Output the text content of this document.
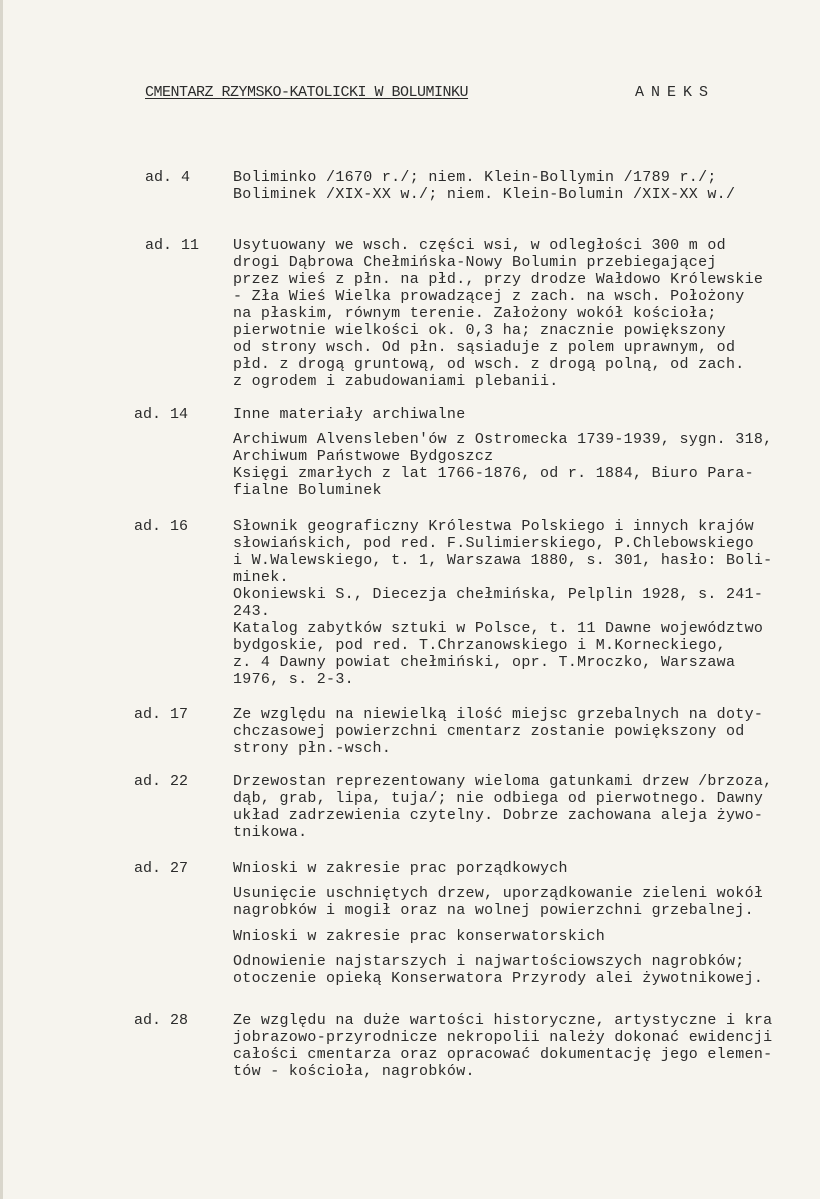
CMENTARZ RZYMSKO-KATOLICKI W BOLUMINKU	ANEKS
ad. 4	Boliminko /1670 r./; niem. Klein-Bollymin /1789 r./;
Boliminek /XIX-XX w./; niem. Klein-Bolumin /XIX-XX w./
ad. 11 Usytuowany we wsch. części wsi, w odległości 300 m od
drogi Dąbrowa Chełmińska-Nowy Bolumin przebiegającej
przez wieś z płn. na płd., przy drodze Wałdowo Królewskie
- Zła Wieś Wielka prowadzącej z zach. na wsch. Położony
na płaskim, równym terenie. Założony wokół kościoła;
pierwotnie wielkości ok. 0,3 ha; znacznie powiększony
od strony wsch. Od płn. sąsiaduje z polem uprawnym, od
płd. z drogą gruntową, od wsch. z drogą polną, od zach.
z ogrodem i zabudowaniami plebanii.
ad. 14	Inne materiały archiwalne
Archiwum Alvensleben'ów z Ostromecka 1739-1939, sygn. 318,
Archiwum Państwowe Bydgoszcz
Księgi zmarłych z lat 1766-1876, od r. 1884, Biuro Para-
fialne Boluminek
ad. 16	Słownik geograficzny Królestwa Polskiego i innych krajów
słowiańskich, pod red. F.Sulimierskiego, P.Chlebowskiego
i W.Walewskiego, t. 1, Warszawa 1880, s. 301, hasło: Boli-
minek.
Okoniewski S., Diecezja chełmińska, Pelplin 1928, s. 241-
243.
Katalog zabytków sztuki w Polsce, t. 11 Dawne województwo
bydgoskie, pod red. T.Chrzanowskiego i M.Korneckiego,
z. 4 Dawny powiat chełmiński, opr. T.Mroczko, Warszawa
1976, s. 2-3.
ad. 17	Ze względu na niewielką ilość miejsc grzebalnych na doty-
chczasowej powierzchni cmentarz zostanie powiększony od
strony płn.-wsch.
ad. 22	Drzewostan reprezentowany wieloma gatunkami drzew /brzoza,
dąb, grab, lipa, tuja/; nie odbiega od pierwotnego. Dawny
układ zadrzewienia czytelny. Dobrze zachowana aleja żywo-
tnikowa.
ad. 27	Wnioski w zakresie prac porządkowych
Usunięcie uschniętych drzew, uporządkowanie zieleni wokół
nagrobków i mogił oraz na wolnej powierzchni grzebalnej.
Wnioski w zakresie prac konserwatorskich
Odnowienie najstarszych i najwartościowszych nagrobków;
otoczenie opieką Konserwatora Przyrody alei żywotnikowej.
ad. 28	Ze względu na duże wartości historyczne, artystyczne i kra
jobrazowo-przyrodnicze nekropolii należy dokonać ewidencji
całości cmentarza oraz opracować dokumentację jego elemen-
tów - kościoła, nagrobków.
